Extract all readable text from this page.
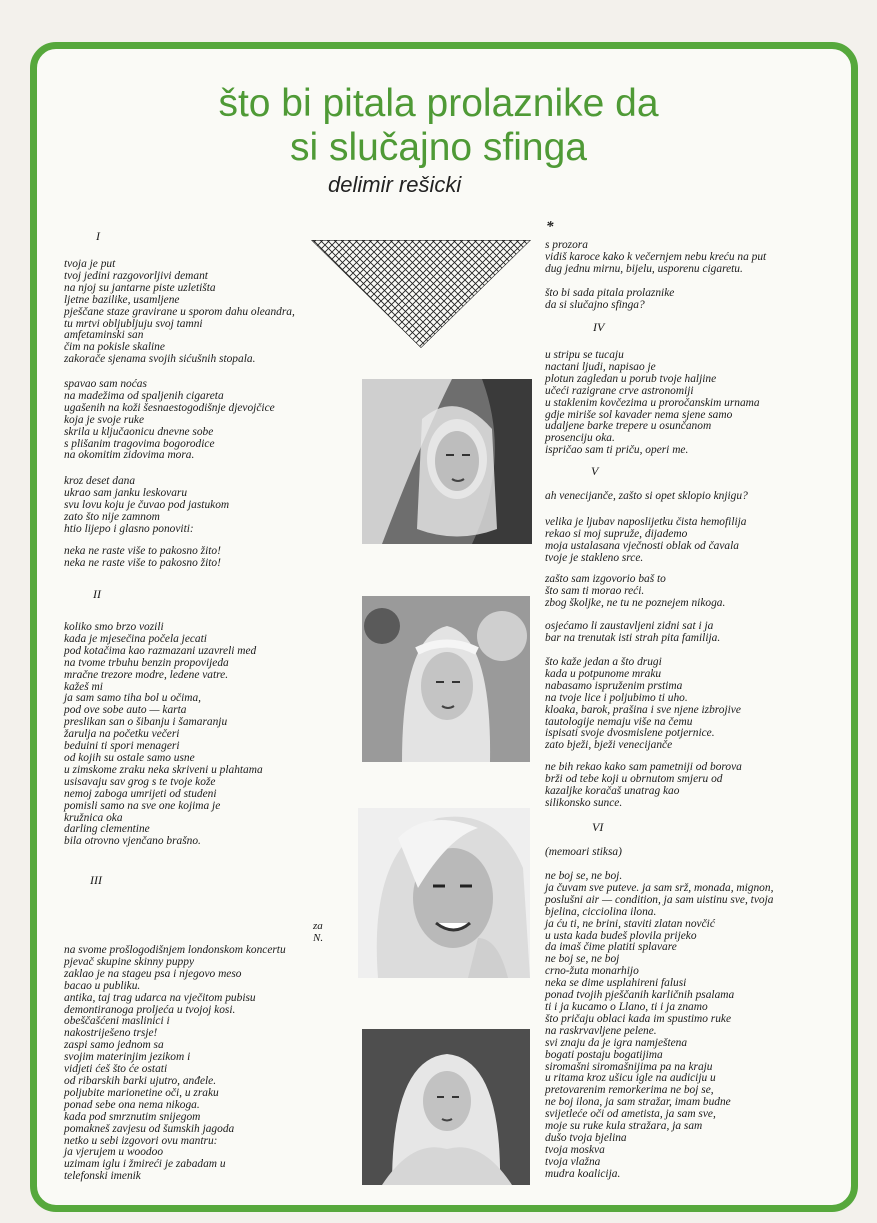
što bi pitala prolaznike da
si slučajno sfinga
delimir rešicki
I
tvoja je put
tvoj jedini razgovorljivi demant
na njoj su jantarne piste uzletišta
ljetne bazilike, usamljene
pješčane staze gravirane u sporom dahu oleandra,
tu mrtvi obljubljuju svoj tamni
amfetaminski san
čim na pokisle skaline
zakorače sjenama svojih sićušnih stopala.
spavao sam noćas
na madežima od spaljenih cigareta
ugašenih na koži šesnaestogodišnje djevojčice
koja je svoje ruke
skrila u ključaonicu dnevne sobe
s plišanim tragovima bogorodice
na okomitim zidovima mora.
kroz deset dana
ukrao sam janku leskovaru
svu lovu koju je čuvao pod jastukom
zato što nije zamnom
htio lijepo i glasno ponoviti:
neka ne raste više to pakosno žito!
neka ne raste više to pakosno žito!
II
koliko smo brzo vozili
kada je mjesečina počela jecati
pod kotačima kao razmazani uzavreli med
na tvome trbuhu benzin propovijeda
mračne trezore modre, ledene vatre.
kažeš mi
ja sam samo tiha bol u očima,
pod ove sobe auto — karta
preslikan san o šibanju i šamaranju
žarulja na početku večeri
beduini ti spori menageri
od kojih su ostale samo usne
u zimskome zraku neka skriveni u plahtama
usisavaju sav grog s te tvoje kože
nemoj zaboga umrijeti od studeni
pomisli samo na sve one kojima je
kružnica oka
darling clementine
bila otrovno vjenčano brašno.
III
za N.
na svome prošlogodišnjem londonskom koncertu
pjevač skupine skinny puppy
zaklao je na stageu psa i njegovo meso
bacao u publiku.
antika, taj trag udarca na vječitom pubisu
demontiranoga proljeća u tvojoj kosi.
obeščašćeni maslinici i
nakostriješeno trsje!
zaspi samo jednom sa
svojim materinjim jezikom i
vidjeti ćeš što će ostati
od ribarskih barki ujutro, anđele.
poljubite marionetine oči, u zraku
ponad sebe ona nema nikoga.
kada pod smrznutim snijegom
pomakneš zavjesu od šumskih jagoda
netko u sebi izgovori ovu mantru:
ja vjerujem u woodoo
uzimam iglu i žmireći je zabadam u
telefonski imenik
*
s prozora
vidiš karoce kako k večernjem nebu kreću na put
dug jednu mirnu, bijelu, usporenu cigaretu.
što bi sada pitala prolaznike
da si slučajno sfinga?
IV
u stripu se tucaju
nactani ljudi, napisao je
plotun zagledan u porub tvoje haljine
učeći razigrane crve astronomiji
u staklenim kovčezima u proročanskim urnama
gdje miriše sol kavader nema sjene samo
udaljene barke trepere u osunčanom
prosenciju oka.
ispričao sam ti priču, operi me.
V
ah venecijanče, zašto si opet sklopio knjigu?
velika je ljubav naposlijetku čista hemofilija
rekao si moj supruže, dijademo
moja ustalasana vječnosti oblak od čavala
tvoje je stakleno srce.
zašto sam izgovorio baš to
što sam ti morao reći.
zbog školjke, ne tu ne poznejem nikoga.
osjećamo li zaustavljeni zidni sat i ja
bar na trenutak isti strah pita familija.
što kaže jedan a što drugi
kada u potpunome mraku
nabasamo ispruženim prstima
na tvoje lice i poljubimo ti uho.
kloaka, barok, prašina i sve njene izbrojive
tautologije nemaju više na čemu
ispisati svoje dvosmislene potjernice.
zato bježi, bježi venecijanče
ne bih rekao kako sam pametniji od borova
brži od tebe koji u obrnutom smjeru od
kazaljke koračaš unatrag kao
silikonsko sunce.
VI
(memoari stiksa)
ne boj se, ne boj.
ja čuvam sve puteve. ja sam srž, monada, mignon,
poslušni air — condition, ja sam uistinu sve, tvoja
bjelina, cicciolina ilona.
ja ću ti, ne brini, staviti zlatan novčić
u usta kada budeš plovila prijeko
da imaš čime platiti splavare
ne boj se, ne boj
crno-žuta monarhijo
neka se dime usplahireni falusi
ponad tvojih pješčanih karličnih psalama
ti i ja kucamo o Llano, ti i ja znamo
što pričaju oblaci kada im spustimo ruke
na raskrvavljene pelene.
svi znaju da je igra namještena
bogati postaju bogatijima
siromašni siromašnijima pa na kraju
u ritama kroz ušicu igle na audiciju u
pretovarenim remorkerima ne boj se,
ne boj ilona, ja sam stražar, imam budne
svijetleće oči od ametista, ja sam sve,
moje su ruke kula stražara, ja sam
dušo tvoja bjelina
tvoja moskva
tvoja vlažna
mudra koalicija.
